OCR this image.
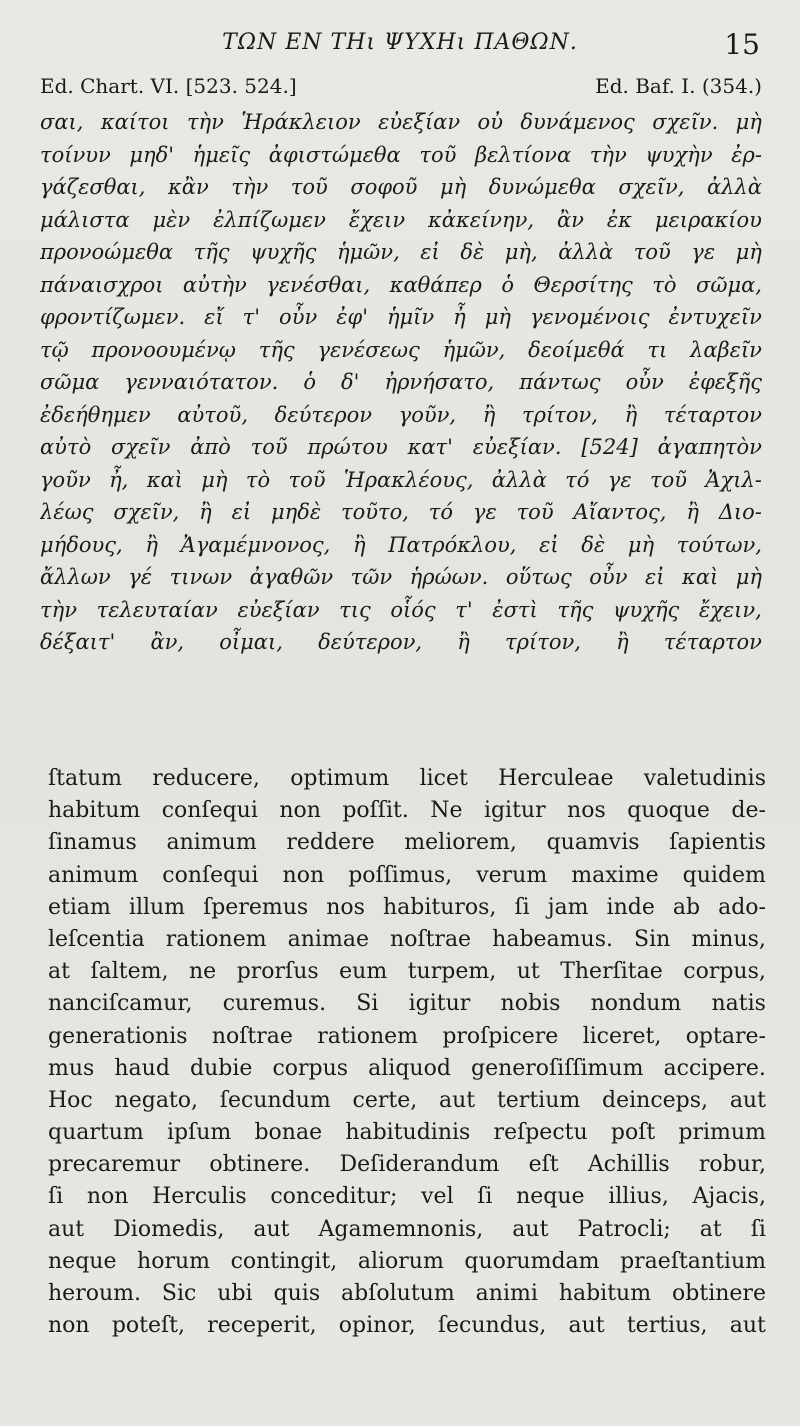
ΤΩΝ ΕΝ ΤΗι ΨΥΧΗι ΠΑΘΩΝ.	15
Ed. Chart. VI. [523. 524.]	Ed. Baf. I. (354.)
σαι, καίτοι τὴν Ἡράκλειον εὐεξίαν οὐ δυνάμενος σχεῖν. μὴ
τοίνυν μηδ' ἡμεῖς ἀφιστώμεθα τοῦ βελτίονα τὴν ψυχὴν ἐρ-
γάζεσθαι, κἂν τὴν τοῦ σοφοῦ μὴ δυνώμεθα σχεῖν, ἀλλὰ
μάλιστα μὲν ἐλπίζωμεν ἔχειν κἀκείνην, ἂν ἐκ μειρακίου
προνοώμεθα τῆς ψυχῆς ἡμῶν, εἰ δὲ μὴ, ἀλλὰ τοῦ γε μὴ
πάναισχροι αὐτὴν γενέσθαι, καθάπερ ὁ Θερσίτης τὸ σῶμα,
φροντίζωμεν. εἴ τ' οὖν ἐφ' ἡμῖν ἦ μὴ γενομένοις ἐντυχεῖν
τῷ προνοουμένῳ τῆς γενέσεως ἡμῶν, δεοίμεθά τι λαβεῖν
σῶμα γενναιότατον. ὁ δ' ἠρνήσατο, πάντως οὖν ἐφεξῆς
ἐδεήθημεν αὐτοῦ, δεύτερον γοῦν, ἢ τρίτον, ἢ τέταρτον
αὐτὸ σχεῖν ἀπὸ τοῦ πρώτου κατ' εὐεξίαν. [524] ἀγαπητὸν
γοῦν ἦ, καὶ μὴ τὸ τοῦ Ἡρακλέους, ἀλλὰ τό γε τοῦ Ἀχιλ-
λέως σχεῖν, ἢ εἰ μηδὲ τοῦτο, τό γε τοῦ Αἴαντος, ἢ Διο-
μήδους, ἢ Ἀγαμέμνονος, ἢ Πατρόκλου, εἰ δὲ μὴ τούτων,
ἄλλων γέ τινων ἀγαθῶν τῶν ἡρώων. οὕτως οὖν εἰ καὶ μὴ
τὴν τελευταίαν εὐεξίαν τις οἷός τ' ἐστὶ τῆς ψυχῆς ἔχειν,
δέξαιτ' ἂν, οἶμαι, δεύτερον, ἢ τρίτον, ἢ τέταρτον
ſtatum reducere, optimum licet Herculeae valetudinis
habitum conſequi non poſſit. Ne igitur nos quoque de-
ſinamus animum reddere meliorem, quamvis ſapientis
animum conſequi non poſſimus, verum maxime quidem
etiam illum ſperemus nos habituros, ſi jam inde ab ado-
leſcentia rationem animae noſtrae habeamus. Sin minus,
at ſaltem, ne prorſus eum turpem, ut Therſitae corpus,
nanciſcamur, curemus. Si igitur nobis nondum natis
generationis noſtrae rationem proſpicere liceret, optare-
mus haud dubie corpus aliquod generoſiſſimum accipere.
Hoc negato, ſecundum certe, aut tertium deinceps, aut
quartum ipſum bonae habitudinis reſpectu poſt primum
precaremur obtinere. Deſiderandum eſt Achillis robur,
ſi non Herculis conceditur; vel ſi neque illius, Ajacis,
aut Diomedis, aut Agamemnonis, aut Patrocli; at ſi
neque horum contingit, aliorum quorumdam praeſtantium
heroum. Sic ubi quis abſolutum animi habitum obtinere
non poteſt, receperit, opinor, ſecundus, aut tertius, aut
